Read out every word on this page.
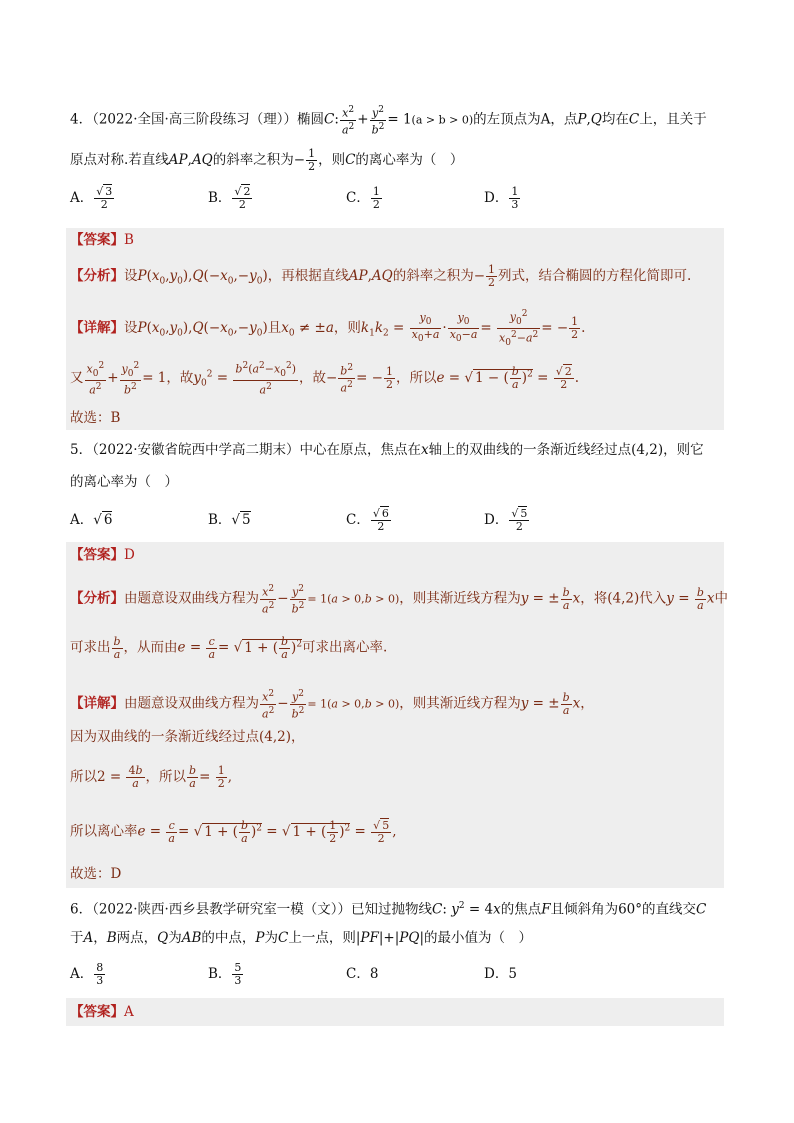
4．（2022·全国·高三阶段练习（理））椭圆C: $\frac{x^2}{a^2} + \frac{y^2}{b^2} = 1(a > b > 0)$的左顶点为A，点P,Q均在C上，且关于
原点对称.若直线AP,AQ的斜率之积为− $\frac{1}{2}$ ，则C的离心率为（　）
A． $\frac{√ 3}{2}$	B． $\frac{√ 2}{2}$	C． $\frac{1}{2}$	D． $\frac{1}{3}$
【答案】B
【分析】设$P(x_0,y_0),Q(-x_0,-y_0)$，再根据直线AP,AQ的斜率之积为− $\frac{1}{2}$ 列式，结合椭圆的方程化简即可.
【详解】设$P(x_0,y_0),Q(-x_0,-y_0)$且$x_0 \ne \pm a$，则$k_1k_2 = \frac{y_0}{x_0+a} \cdot \frac{y_0}{x_0-a} = \frac{y_0^2}{x_0^2-a^2}$ = − $\frac{1}{2}$ .
又 $\frac{x_0^2}{a^2} + \frac{y_0^2}{b^2} = 1$，故$y_0^2 = \frac{b^2(a^2-x_0^2)}{a^2}$ ，故− $\frac{b^2}{a^2}$ = − $\frac{1}{2}$ ，所以e = √ 1 − ( $\frac{b}{a} )^2 = \frac{√ 2}{2}$ .
故选：B
5．（2022·安徽省皖西中学高二期末）中心在原点，焦点在x轴上的双曲线的一条渐近线经过点(4,2)，则它
的离心率为（　）
A．√ 6	B．√ 5	C． $\frac{√ 6}{2}$	D． $\frac{√ 5}{2}$
【答案】D
【分析】由题意设双曲线方程为 $\frac{x^2}{a^2} - \frac{y^2}{b^2} = 1(a > 0,b > 0)$，则其渐近线方程为y = ± $\frac{b}{a}$ x，将(4,2)代入$y = \frac{b}{a}$ x中
可求出 $\frac{b}{a}$ ，从而由$e = \frac{c}{a}$ = √ 1 + ( $\frac{b}{a} )^2$可求出离心率.
【详解】由题意设双曲线方程为 $\frac{x^2}{a^2} - \frac{y^2}{b^2} = 1(a > 0,b > 0)$，则其渐近线方程为y = ± $\frac{b}{a}$ x，
因为双曲线的一条渐近线经过点(4,2)，
所以$2 = \frac{4b}{a}$ ，所以 $\frac{b}{a} = \frac{1}{2}$ ,
所以离心率$e = \frac{c}{a}$ = √ 1 + ( $\frac{b}{a} )^2$ = √ 1 + ( $\frac{1}{2} )^2 = \frac{√ 5}{2}$ ,
故选：D
6．（2022·陕西·西乡县教学研究室一模（文））已知过抛物线C: $y^2 = 4x$的焦点F且倾斜角为60°的直线交C
于A，B两点，Q为AB的中点，P为C上一点，则|PF|+|PQ|的最小值为（　）
A． $\frac{8}{3}$	B． $\frac{5}{3}$	C．8	D．5
【答案】A
